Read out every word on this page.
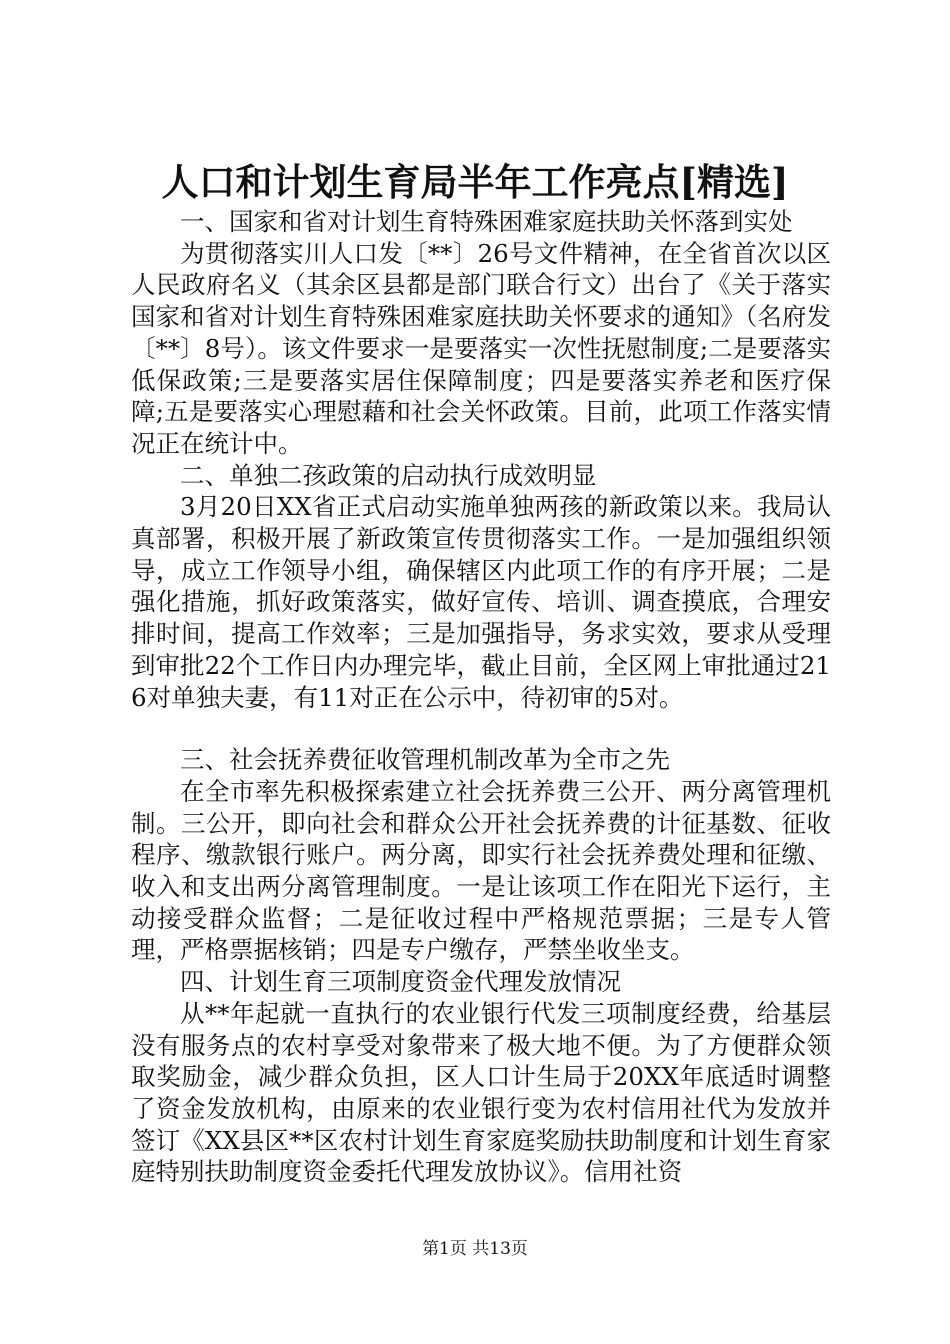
人口和计划生育局半年工作亮点[精选]

一、国家和省对计划生育特殊困难家庭扶助关怀落到实处

为贯彻落实川人口发〔**〕26号文件精神，在全省首次以区人民政府名义（其余区县都是部门联合行文）出台了《关于落实国家和省对计划生育特殊困难家庭扶助关怀要求的通知》（名府发〔**〕8号）。该文件要求一是要落实一次性抚慰制度;二是要落实低保政策;三是要落实居住保障制度；四是要落实养老和医疗保障;五是要落实心理慰藉和社会关怀政策。目前，此项工作落实情况正在统计中。

二、单独二孩政策的启动执行成效明显

3月20日XX省正式启动实施单独两孩的新政策以来。我局认真部署，积极开展了新政策宣传贯彻落实工作。一是加强组织领导，成立工作领导小组，确保辖区内此项工作的有序开展；二是强化措施，抓好政策落实，做好宣传、培训、调查摸底，合理安排时间，提高工作效率；三是加强指导，务求实效，要求从受理到审批22个工作日内办理完毕，截止目前，全区网上审批通过216对单独夫妻，有11对正在公示中，待初审的5对。

三、社会抚养费征收管理机制改革为全市之先

在全市率先积极探索建立社会抚养费三公开、两分离管理机制。三公开，即向社会和群众公开社会抚养费的计征基数、征收程序、缴款银行账户。两分离，即实行社会抚养费处理和征缴、收入和支出两分离管理制度。一是让该项工作在阳光下运行，主动接受群众监督；二是征收过程中严格规范票据；三是专人管理，严格票据核销；四是专户缴存，严禁坐收坐支。

四、计划生育三项制度资金代理发放情况

从**年起就一直执行的农业银行代发三项制度经费，给基层没有服务点的农村享受对象带来了极大地不便。为了方便群众领取奖励金，减少群众负担，区人口计生局于20XX年底适时调整了资金发放机构，由原来的农业银行变为农村信用社代为发放并签订《XX县区**区农村计划生育家庭奖励扶助制度和计划生育家庭特别扶助制度资金委托代理发放协议》。信用社资

第1页 共13页
